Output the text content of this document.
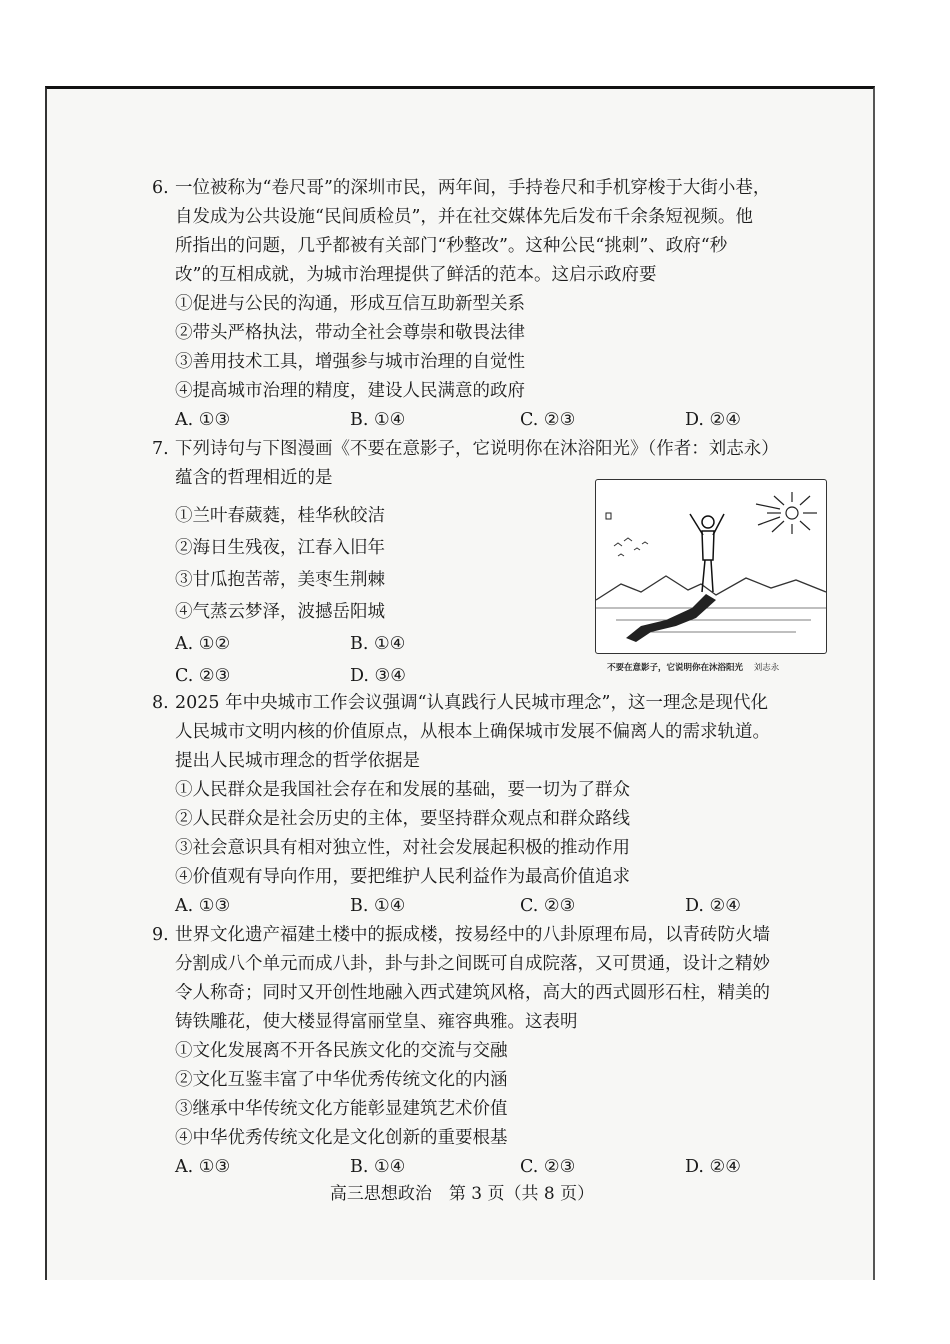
6. 一位被称为“卷尺哥”的深圳市民，两年间，手持卷尺和手机穿梭于大街小巷，
自发成为公共设施“民间质检员”，并在社交媒体先后发布千余条短视频。他
所指出的问题，几乎都被有关部门“秒整改”。这种公民“挑刺”、政府“秒
改”的互相成就，为城市治理提供了鲜活的范本。这启示政府要
①促进与公民的沟通，形成互信互助新型关系
②带头严格执法，带动全社会尊崇和敬畏法律
③善用技术工具，增强参与城市治理的自觉性
④提高城市治理的精度，建设人民满意的政府
A. ①③	B. ①④	C. ②③	D. ②④
7. 下列诗句与下图漫画《不要在意影子，它说明你在沐浴阳光》（作者：刘志永）
蕴含的哲理相近的是
①兰叶春葳蕤，桂华秋皎洁
②海日生残夜，江春入旧年
③甘瓜抱苦蒂，美枣生荆棘
④气蒸云梦泽，波撼岳阳城
A. ①②	B. ①④
C. ②③	D. ③④	不要在意影子，它说明你在沐浴阳光 刘志永
8. 2025 年中央城市工作会议强调“认真践行人民城市理念”，这一理念是现代化
人民城市文明内核的价值原点，从根本上确保城市发展不偏离人的需求轨道。
提出人民城市理念的哲学依据是
①人民群众是我国社会存在和发展的基础，要一切为了群众
②人民群众是社会历史的主体，要坚持群众观点和群众路线
③社会意识具有相对独立性，对社会发展起积极的推动作用
④价值观有导向作用，要把维护人民利益作为最高价值追求
A. ①③	B. ①④	C. ②③	D. ②④
9. 世界文化遗产福建土楼中的振成楼，按易经中的八卦原理布局，以青砖防火墙
分割成八个单元而成八卦，卦与卦之间既可自成院落，又可贯通，设计之精妙
令人称奇；同时又开创性地融入西式建筑风格，高大的西式圆形石柱，精美的
铸铁雕花，使大楼显得富丽堂皇、雍容典雅。这表明
①文化发展离不开各民族文化的交流与交融
②文化互鉴丰富了中华优秀传统文化的内涵
③继承中华传统文化方能彰显建筑艺术价值
④中华优秀传统文化是文化创新的重要根基
A. ①③	B. ①④	C. ②③	D. ②④
高三思想政治　第 3 页（共 8 页）
